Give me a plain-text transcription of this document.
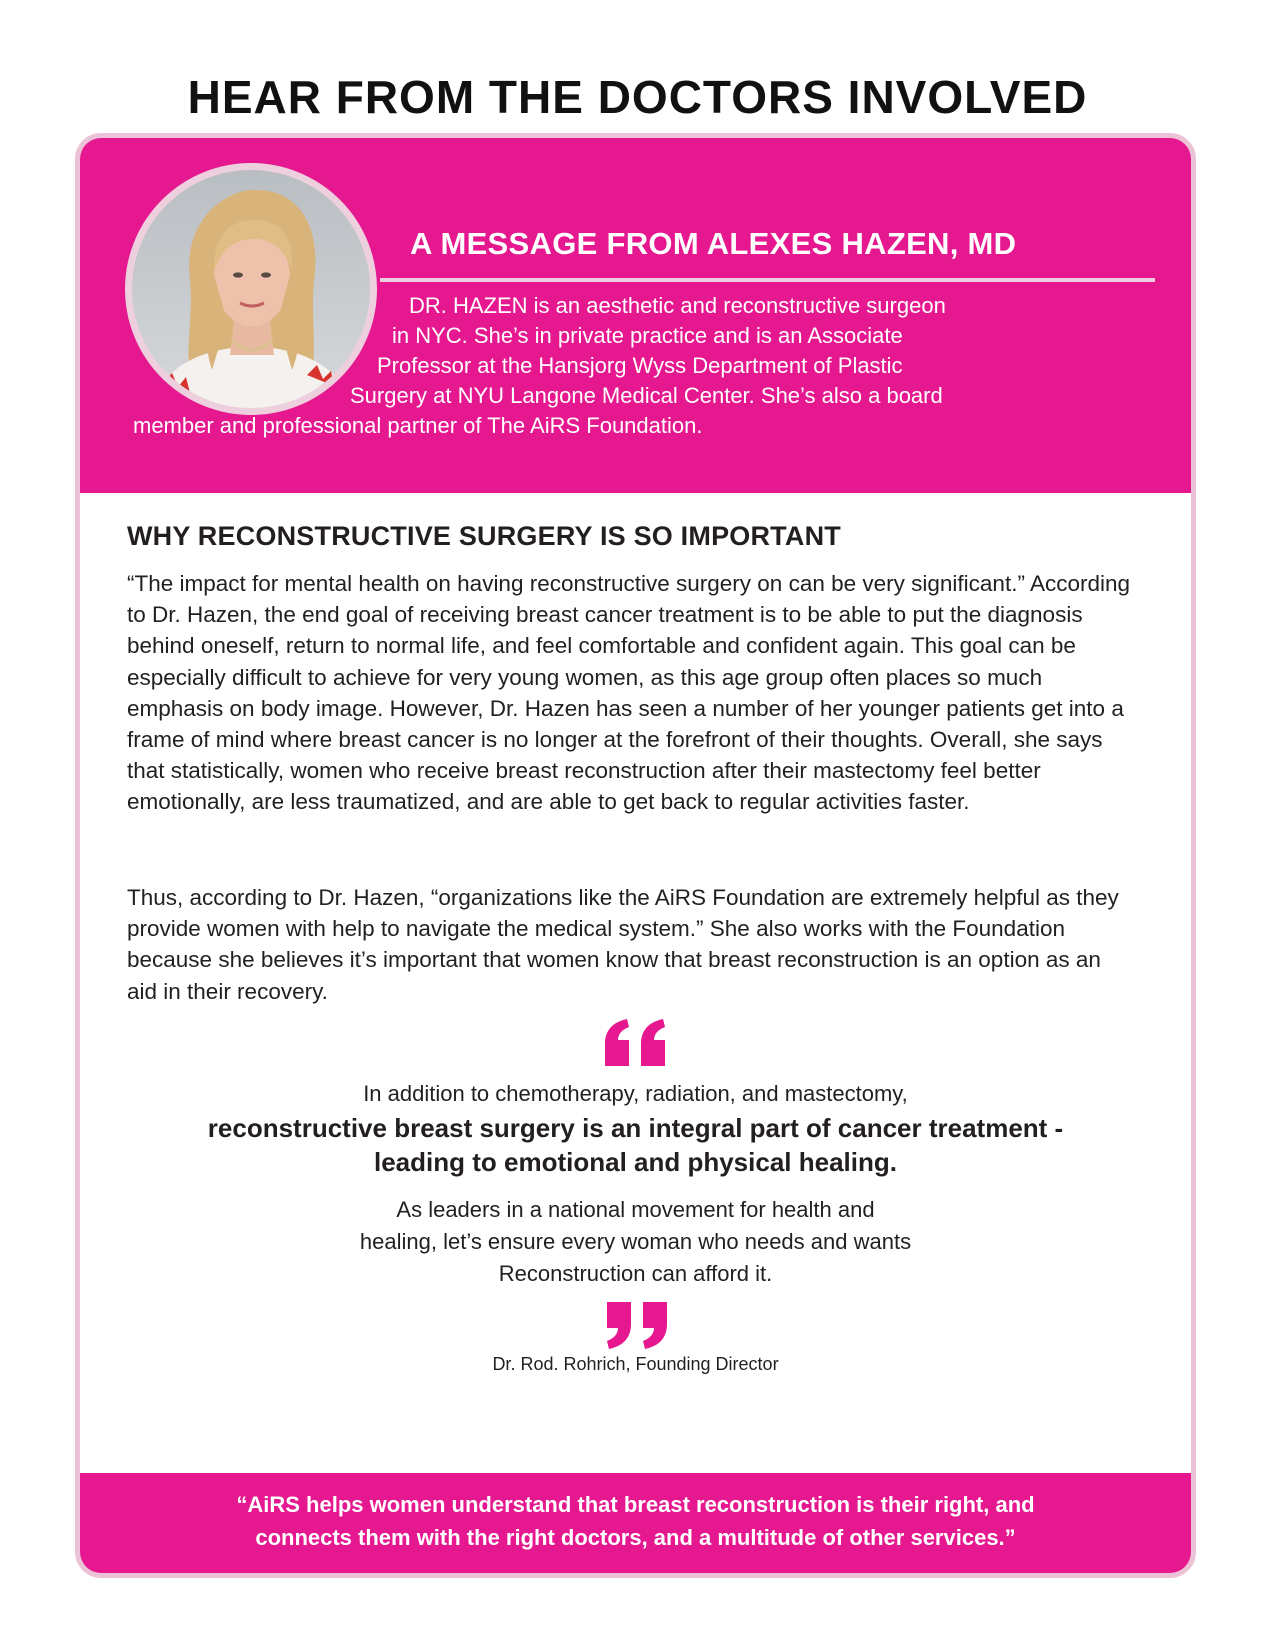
HEAR FROM THE DOCTORS INVOLVED
A MESSAGE FROM ALEXES HAZEN, MD
DR. HAZEN is an aesthetic and reconstructive surgeon
in NYC. She’s in private practice and is an Associate
Professor at the Hansjorg Wyss Department of Plastic
Surgery at NYU Langone Medical Center. She’s also a board
member and professional partner of The AiRS Foundation.
WHY RECONSTRUCTIVE SURGERY IS SO IMPORTANT

“The impact for mental health on having reconstructive surgery on can be very significant.” According to Dr. Hazen, the end goal of receiving breast cancer treatment is to be able to put the diagnosis behind oneself, return to normal life, and feel comfortable and confident again. This goal can be especially difficult to achieve for very young women, as this age group often places so much emphasis on body image. However, Dr. Hazen has seen a number of her younger patients get into a frame of mind where breast cancer is no longer at the forefront of their thoughts. Overall, she says that statistically, women who receive breast reconstruction after their mastectomy feel better emotionally, are less traumatized, and are able to get back to regular activities faster.

Thus, according to Dr. Hazen, “organizations like the AiRS Foundation are extremely helpful as they provide women with help to navigate the medical system.” She also works with the Foundation because she believes it’s important that women know that breast reconstruction is an option as an aid in their recovery.

In addition to chemotherapy, radiation, and mastectomy,
reconstructive breast surgery is an integral part of cancer treatment -
leading to emotional and physical healing.
As leaders in a national movement for health and
healing, let’s ensure every woman who needs and wants
Reconstruction can afford it.
Dr. Rod. Rohrich, Founding Director
“AiRS helps women understand that breast reconstruction is their right, and
connects them with the right doctors, and a multitude of other services.”
